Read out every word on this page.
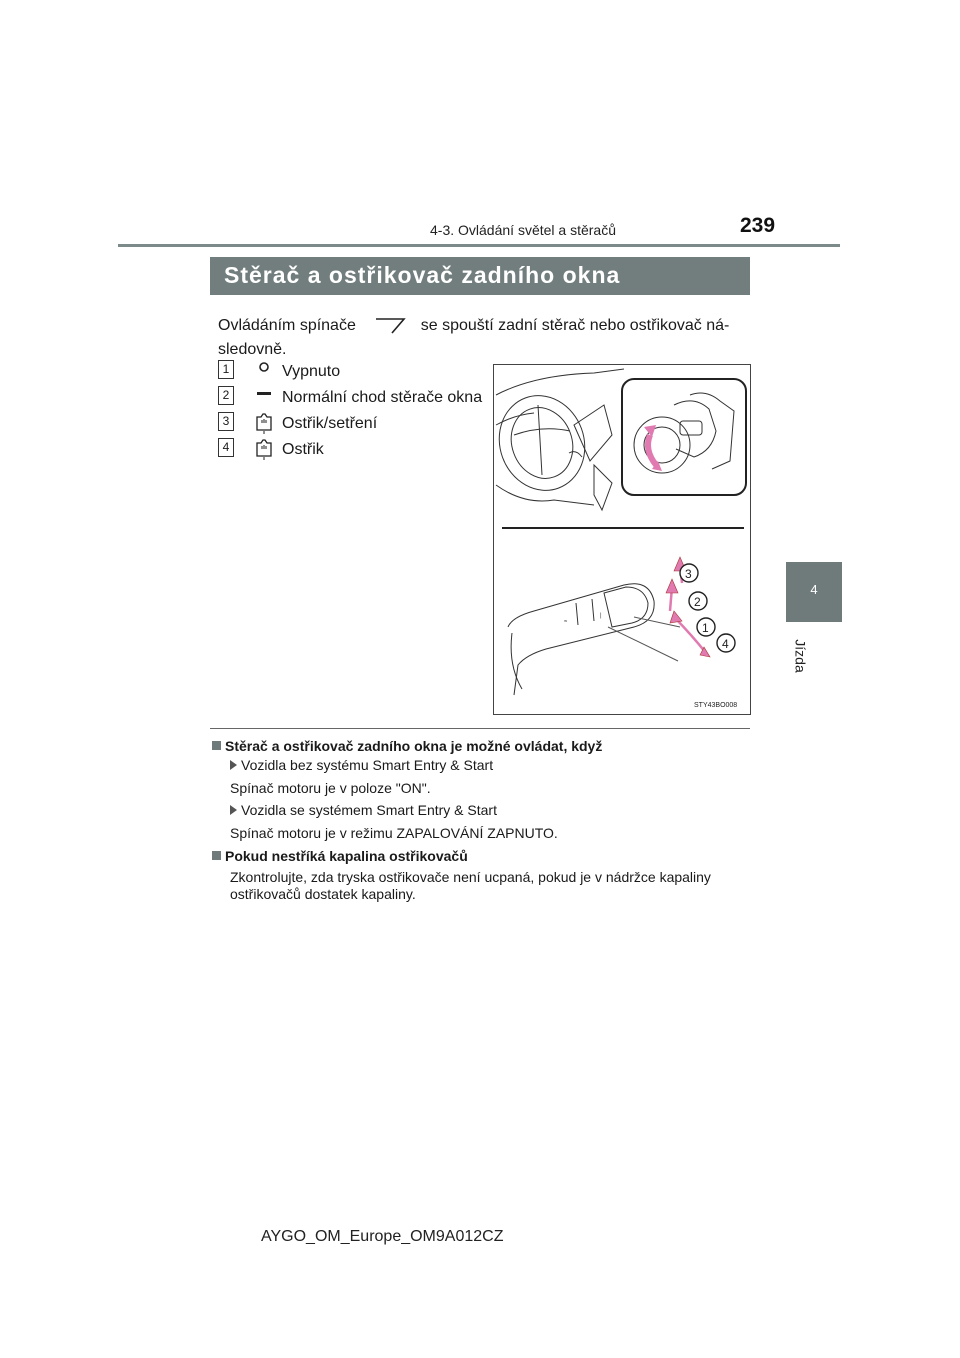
4-3. Ovládání světel a stěračů	239
4
Jízda
Stěrač a ostřikovač zadního okna
Ovládáním spínače	se spouští zadní stěrač nebo ostřikovač ná-sledovně.
1	Vypnuto
2	Normální chod stěrače okna
3	Ostřik/setření
4	Ostřik
≈
|
3
2
1
4
STY43BO008
Stěrač a ostřikovač zadního okna je možné ovládat, když
Vozidla bez systému Smart Entry & Start
Spínač motoru je v poloze "ON".
Vozidla se systémem Smart Entry & Start
Spínač motoru je v režimu ZAPALOVÁNÍ ZAPNUTO.
Pokud nestříká kapalina ostřikovačů
Zkontrolujte, zda tryska ostřikovače není ucpaná, pokud je v nádržce kapaliny
ostřikovačů dostatek kapaliny.
AYGO_OM_Europe_OM9A012CZ
